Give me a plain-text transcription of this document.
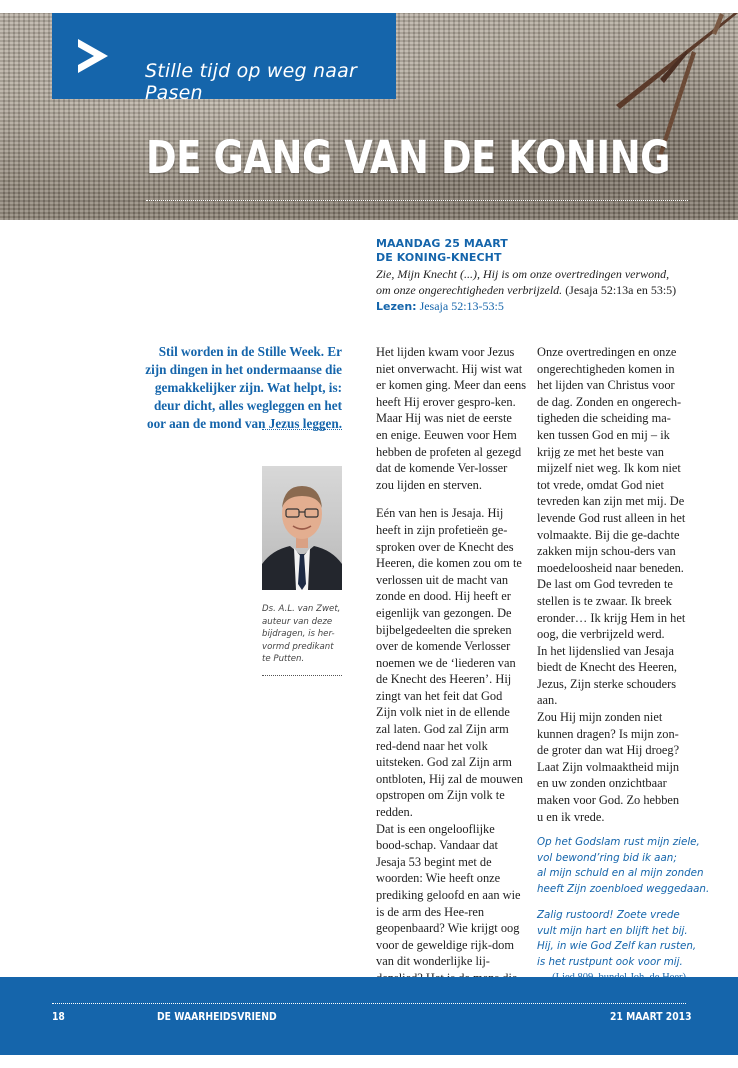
Stille tijd op weg naar Pasen
DE GANG VAN DE KONING
MAANDAG 25 MAART
DE KONING-KNECHT
Zie, Mijn Knecht (...), Hij is om onze overtredingen verwond, om onze ongerechtigheden verbrijzeld. (Jesaja 52:13a en 53:5)
Lezen: Jesaja 52:13-53:5
Stil worden in de Stille Week. Er zijn dingen in het ondermaanse die gemakkelijker zijn. Wat helpt, is: deur dicht, alles wegleggen en het oor aan de mond van Jezus leggen.
Ds. A.L. van Zwet, auteur van deze bijdragen, is her-vormd predikant te Putten.

Het lijden kwam voor Jezus niet onverwacht. Hij wist wat er komen ging. Meer dan eens heeft Hij erover gespro-ken. Maar Hij was niet de eerste en enige. Eeuwen voor Hem hebben de profeten al gezegd dat de komende Ver-losser zou lijden en sterven.

Eén van hen is Jesaja. Hij heeft in zijn profetieën ge-sproken over de Knecht des Heeren, die komen zou om te verlossen uit de macht van zonde en dood. Hij heeft er eigenlijk van gezongen. De bijbelgedeelten die spreken over de komende Verlosser noemen we de ‘liederen van de Knecht des Heeren’. Hij zingt van het feit dat God Zijn volk niet in de ellende zal laten. God zal Zijn arm red-dend naar het volk uitsteken. God zal Zijn arm ontbloten, Hij zal de mouwen opstropen om Zijn volk te redden.

Dat is een ongelooflijke bood-schap. Vandaar dat Jesaja 53 begint met de woorden: Wie heeft onze prediking geloofd en aan wie is de arm des Hee-ren geopenbaard? Wie krijgt oog voor de geweldige rijk-dom van dit wonderlijke lij-

Onze overtredingen en onze ongerechtigheden komen in het lijden van Christus voor de dag. Zonden en ongerech-tigheden die scheiding ma-ken tussen God en mij – ik krijg ze met het beste van mijzelf niet weg. Ik kom niet tot vrede, omdat God niet tevreden kan zijn met mij. De levende God rust alleen in het volmaakte. Bij die ge-dachte zakken mijn schou-ders van moedeloosheid naar beneden. De last om God tevreden te stellen is te zwaar. Ik breek eronder… Ik krijg Hem in het oog, die verbrijzeld werd.

In het lijdenslied van Jesaja biedt de Knecht des Heeren, Jezus, Zijn sterke schouders aan.

Zou Hij mijn zonden niet kunnen dragen? Is mijn zon-de groter dan wat Hij droeg? Laat Zijn volmaaktheid mijn en uw zonden onzichtbaar maken voor God. Zo hebben u en ik vrede.

Op het Godslam rust mijn ziele,
vol bewond’ring bid ik aan;
al mijn schuld en al mijn zonden
heeft Zijn zoenbloed weggedaan.
Zalig rustoord! Zoete vrede
vult mijn hart en blijft het bij.
Hij, in wie God Zelf kan rusten,
is het rustpunt ook voor mij.
18	DE WAARHEIDSVRIEND	21 MAART 2013
